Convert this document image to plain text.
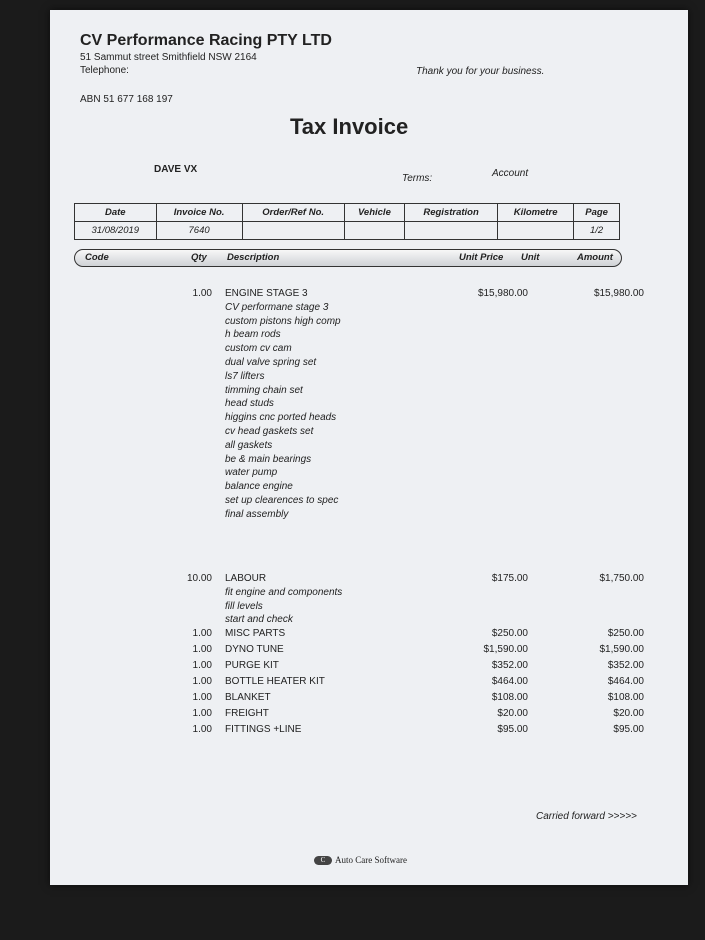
CV Performance Racing PTY LTD
51 Sammut street Smithfield NSW 2164
Telephone:	Thank you for your business.
ABN 51 677 168 197
Tax Invoice
DAVE VX
Terms:	Account
Date	Invoice No.	Order/Ref No.	Vehicle	Registration	Kilometre	Page
31/08/2019	7640					1/2
Code	Qty Description	Unit Price Unit	Amount
1.00 ENGINE STAGE 3	$15,980.00	$15,980.00
CV performane stage 3
custom pistons high comp
h beam rods
custom cv cam
dual valve spring set
ls7 lifters
timming chain set
head studs
higgins cnc ported heads
cv head gaskets set
all gaskets
be & main bearings
water pump
balance engine
set up clearences to spec
final assembly
10.00 LABOUR	$175.00	$1,750.00
fit engine and components
fill levels
start and check
1.00 MISC PARTS	$250.00	$250.00
1.00 DYNO TUNE	$1,590.00	$1,590.00
1.00 PURGE KIT	$352.00	$352.00
1.00 BOTTLE HEATER KIT	$464.00	$464.00
1.00 BLANKET	$108.00	$108.00
1.00 FREIGHT	$20.00	$20.00
1.00 FITTINGS +LINE	$95.00	$95.00
Carried forward >>>>>
C Auto Care Software
